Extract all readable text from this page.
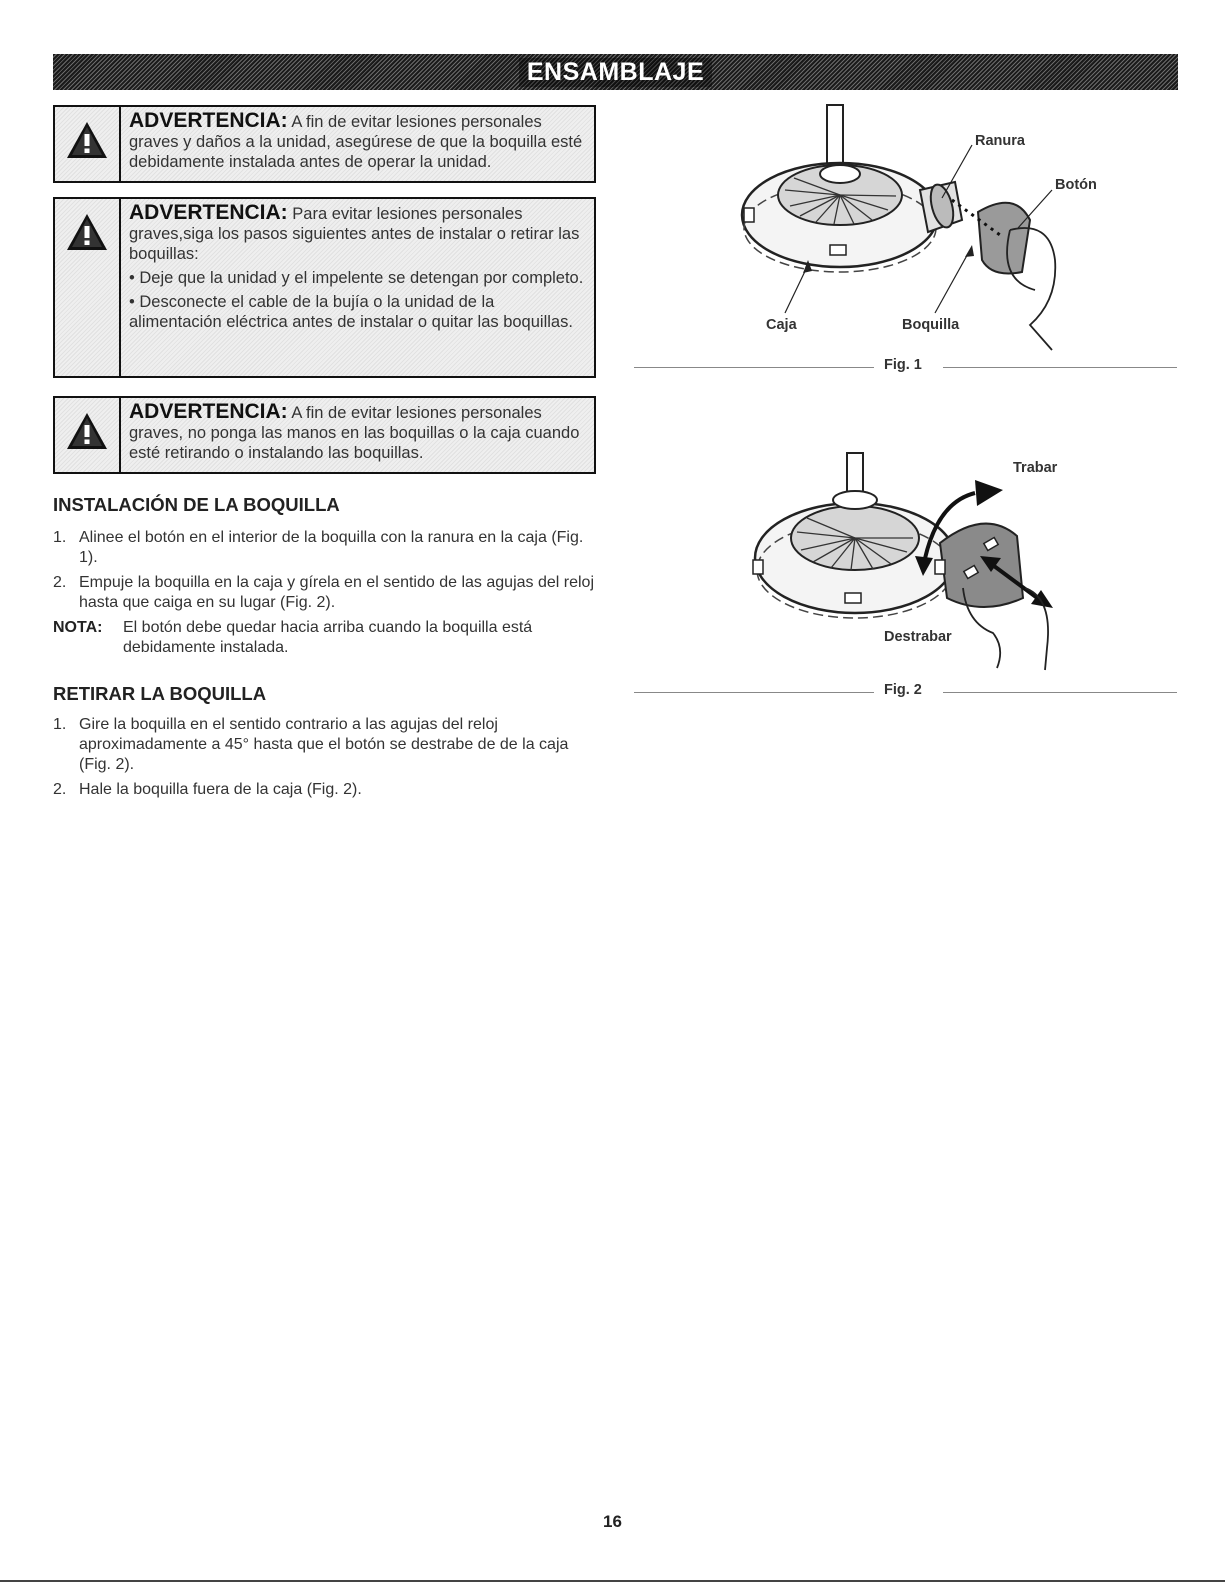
ENSAMBLAJE

ADVERTENCIA: A fin de evitar lesiones personales graves y daños a la unidad, asegúrese de que la boquilla esté debidamente instalada antes de operar la unidad.

ADVERTENCIA: Para evitar lesiones personales graves,siga los pasos siguientes antes de instalar o retirar las boquillas:

• Deje que la unidad y el impelente se detengan por completo.

• Desconecte el cable de la bujía o la unidad de la alimentación eléctrica antes de instalar o quitar las boquillas.

ADVERTENCIA: A fin de evitar lesiones personales graves, no ponga las manos en las boquillas o la caja cuando esté retirando o instalando las boquillas.

INSTALACIÓN DE LA BOQUILLA
1. Alinee el botón en el interior de la boquilla con la ranura en la caja (Fig. 1).
2. Empuje la boquilla en la caja y gírela en el sentido de las agujas del reloj hasta que caiga en su lugar (Fig. 2).
NOTA:	El botón debe quedar hacia arriba cuando la boquilla está debidamente instalada.
RETIRAR LA BOQUILLA
1. Gire la boquilla en el sentido contrario a las agujas del reloj aproximadamente a 45° hasta que el botón se destrabe de de la caja (Fig. 2).
2. Hale la boquilla fuera de la caja (Fig. 2).
Ranura
Botón
Caja	Boquilla
Fig. 1
Trabar
Destrabar
Fig. 2
16
